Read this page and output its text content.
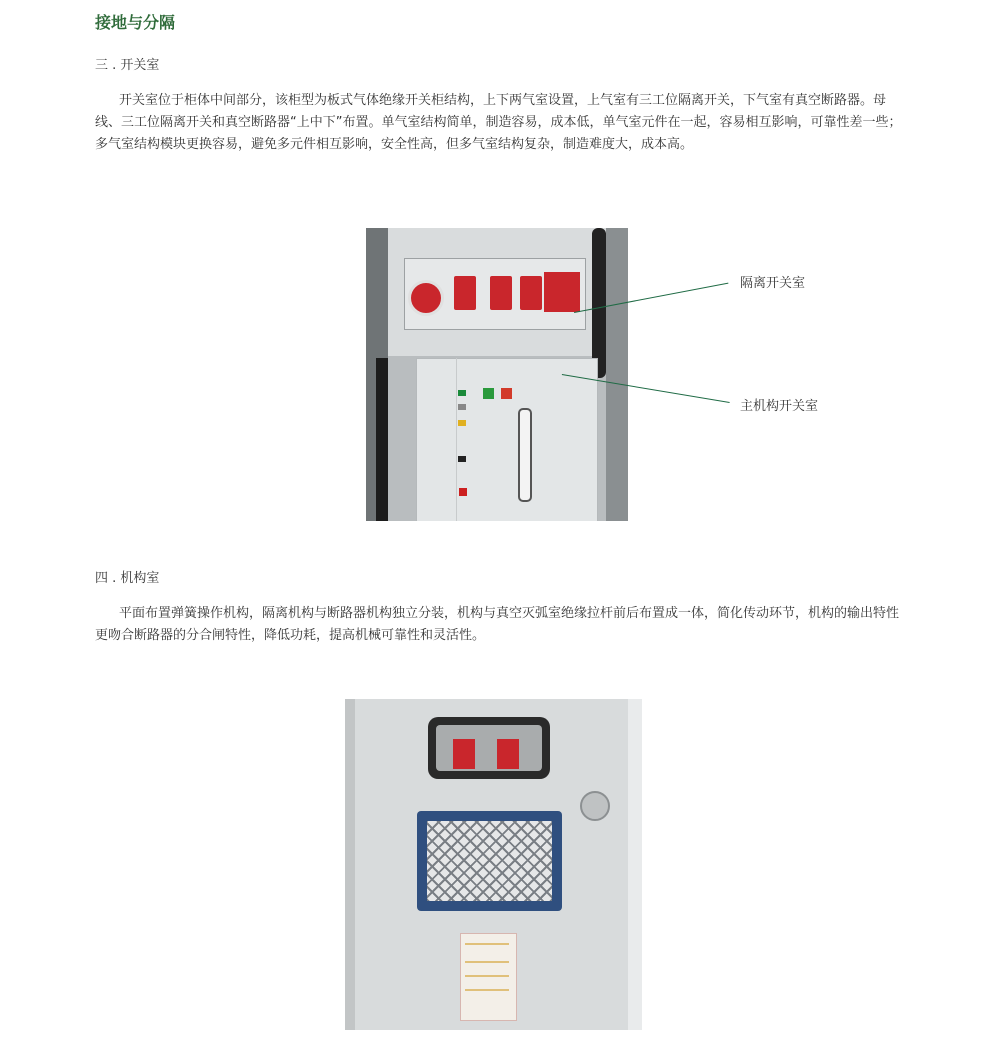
接地与分隔
三 . 开关室
开关室位于柜体中间部分，该柜型为板式气体绝缘开关柜结构，上下两气室设置，上气室有三工位隔离开关，下气室有真空断路器。母线、三工位隔离开关和真空断路器“上中下”布置。单气室结构简单，制造容易，成本低，单气室元件在一起，容易相互影响，可靠性差一些；多气室结构模块更换容易，避免多元件相互影响，安全性高，但多气室结构复杂，制造难度大，成本高。
隔离开关室
主机构开关室
四 . 机构室
平面布置弹簧操作机构，隔离机构与断路器机构独立分装，机构与真空灭弧室绝缘拉杆前后布置成一体，简化传动环节，机构的输出特性更吻合断路器的分合闸特性，降低功耗，提高机械可靠性和灵活性。
